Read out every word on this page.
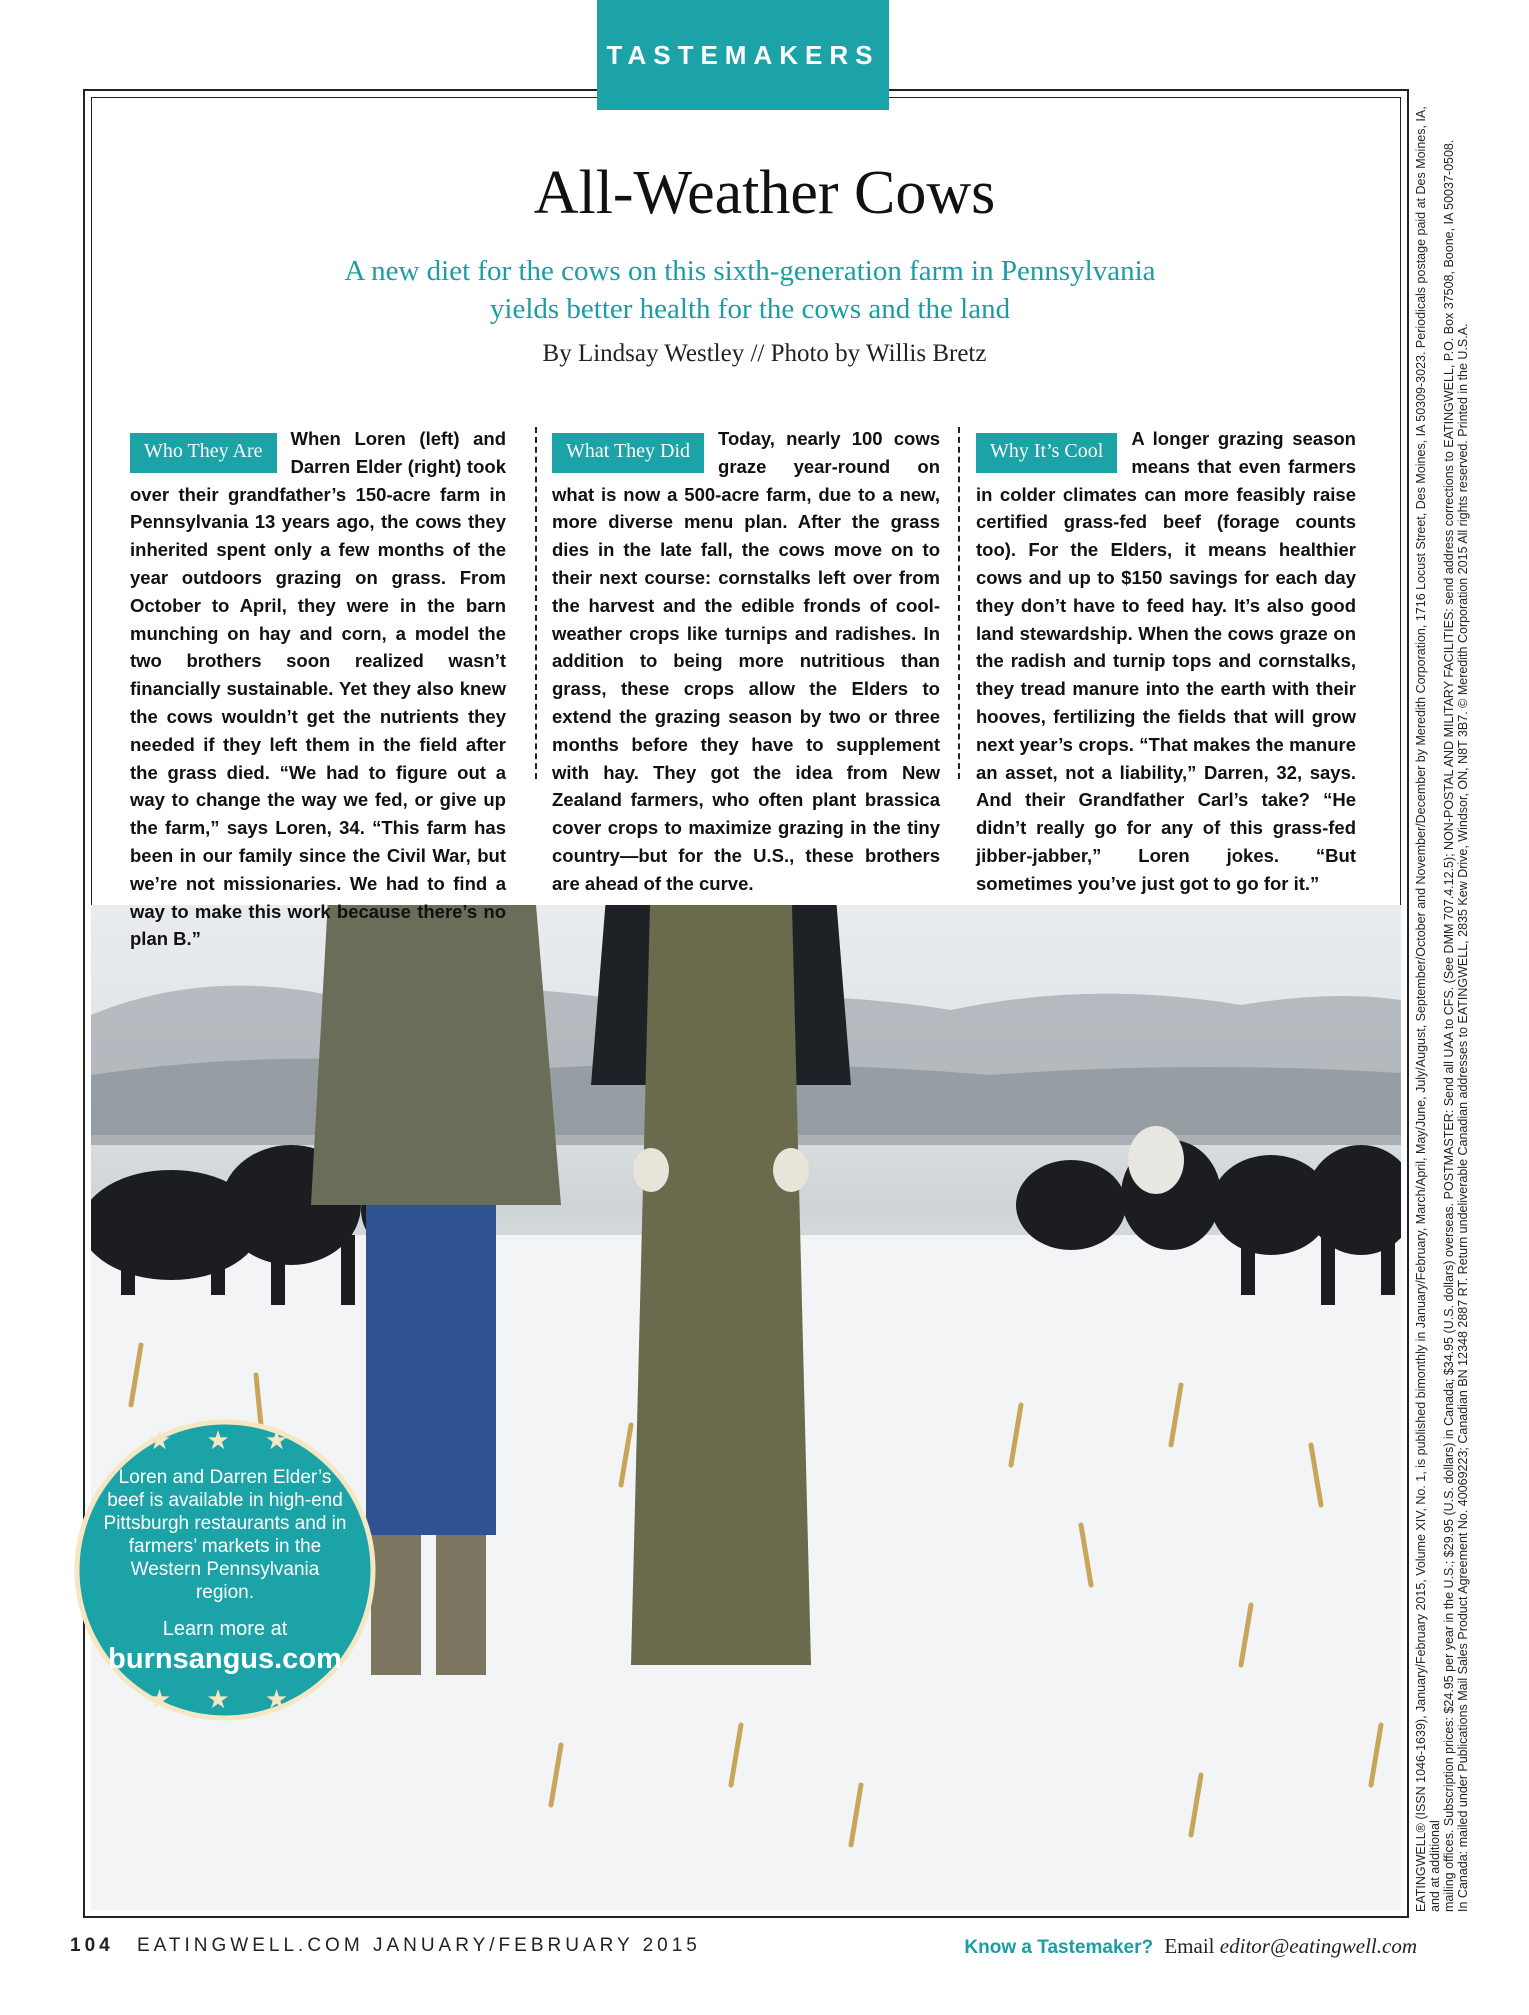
TASTEMAKERS
All-Weather Cows
A new diet for the cows on this sixth-generation farm in Pennsylvania
yields better health for the cows and the land
By Lindsay Westley // Photo by Willis Bretz
Who They Are

When Loren (left) and Darren Elder (right) took over their grandfather’s 150-acre farm in Pennsylvania 13 years ago, the cows they inherited spent only a few months of the year outdoors grazing on grass. From October to April, they were in the barn munching on hay and corn, a model the two brothers soon realized wasn’t financially sustainable. Yet they also knew the cows wouldn’t get the nutrients they needed if they left them in the field after the grass died. “We had to figure out a way to change the way we fed, or give up the farm,” says Loren, 34. “This farm has been in our family since the Civil War, but we’re not missionaries. We had to find a way to make this work because there’s no plan B.”

What They Did

Today, nearly 100 cows graze year-round on what is now a 500-acre farm, due to a new, more diverse menu plan. After the grass dies in the late fall, the cows move on to their next course: cornstalks left over from the harvest and the edible fronds of cool-weather crops like turnips and radishes. In addition to being more nutritious than grass, these crops allow the Elders to extend the grazing season by two or three months before they have to supplement with hay. They got the idea from New Zealand farmers, who often plant brassica cover crops to maximize grazing in the tiny country—but for the U.S., these brothers are ahead of the curve.

Why It’s Cool

A longer grazing season means that even farmers in colder climates can more feasibly raise certified grass-fed beef (forage counts too). For the Elders, it means healthier cows and up to $150 savings for each day they don’t have to feed hay. It’s also good land stewardship. When the cows graze on the radish and turnip tops and cornstalks, they tread manure into the earth with their hooves, fertilizing the fields that will grow next year’s crops. “That makes the manure an asset, not a liability,” Darren, 32, says. And their Grandfather Carl’s take? “He didn’t really go for any of this grass-fed jibber-jabber,” Loren jokes. “But sometimes you’ve just got to go for it.”

★ ★ ★
Loren and Darren Elder’s beef is available in high-end Pittsburgh restaurants and in farmers’ markets in the Western Pennsylvania region.
Learn more at
burnsangus.com
★ ★ ★	EATINGWELL® (ISSN 1046-1639), January/February 2015, Volume XIV, No. 1, is published bimonthly in January/February, March/April, May/June, July/August, September/October and November/December by Meredith Corporation, 1716 Locust Street, Des Moines, IA 50309-3023. Periodicals postage paid at Des Moines, IA, and at additional mailing offices. Subscription prices: $24.95 per year in the U.S.; $29.95 (U.S. dollars) in Canada; $34.95 (U.S. dollars) overseas. POSTMASTER: Send all UAA to CFS. (See DMM 707.4.12.5); NON-POSTAL AND MILITARY FACILITIES: send address corrections to EATINGWELL, P.O. Box 37508, Boone, IA 50037-0508. In Canada: mailed under Publications Mail Sales Product Agreement No. 40069223; Canadian BN 12348 2887 RT. Return undeliverable Canadian addresses to EATINGWELL, 2835 Kew Drive, Windsor, ON, N8T 3B7. © Meredith Corporation 2015 All rights reserved. Printed in the U.S.A.
104 EATINGWELL.COM JANUARY/FEBRUARY 2015	Know a Tastemaker? Email editor@eatingwell.com
